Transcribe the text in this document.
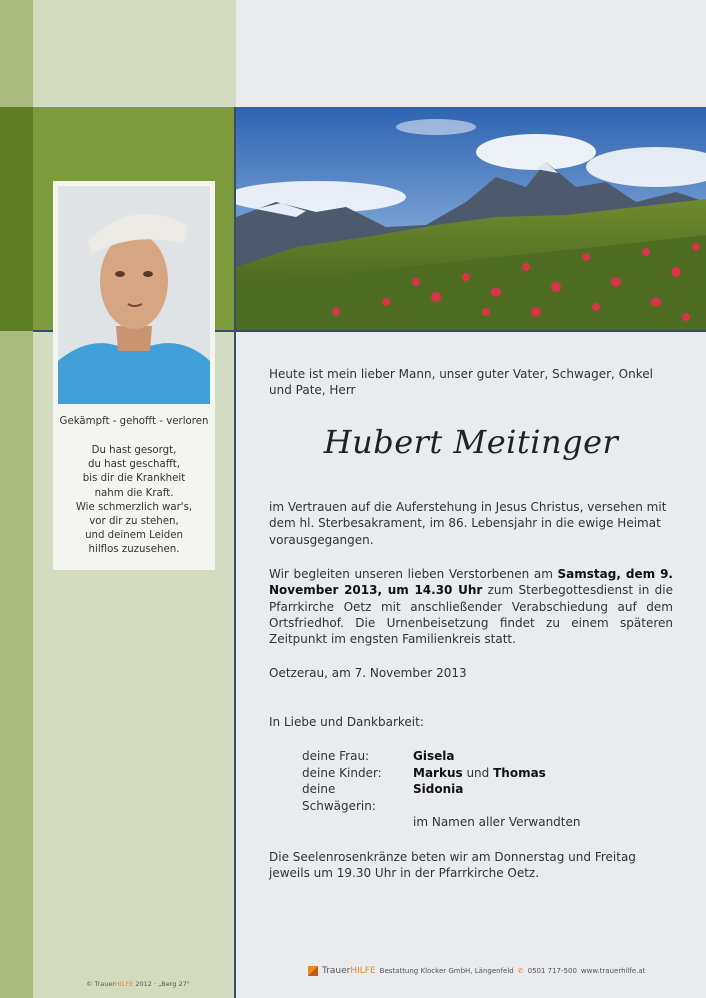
Gekämpft - gehofft - verloren
Du hast gesorgt,
du hast geschafft,
bis dir die Krankheit
nahm die Kraft.
Wie schmerzlich war's,
vor dir zu stehen,
und deinem Leiden
hilflos zuzusehen.
Heute ist mein lieber Mann, unser guter Vater, Schwager, Onkel und Pate, Herr
Hubert Meitinger
im Vertrauen auf die Auferstehung in Jesus Christus, versehen mit dem hl. Sterbesakrament, im 86. Lebensjahr in die ewige Heimat vorausgegangen.
Wir begleiten unseren lieben Verstorbenen am Samstag, dem 9. November 2013, um 14.30 Uhr zum Sterbegottesdienst in die Pfarrkirche Oetz mit anschließender Verabschiedung auf dem Ortsfriedhof. Die Urnenbeisetzung findet zu einem späteren Zeitpunkt im engsten Familienkreis statt.
Oetzerau, am 7. November 2013
In Liebe und Dankbarkeit:
deine Frau:	Gisela
deine Kinder:	Markus und Thomas
deine Schwägerin:
Sidonia
im Namen aller Verwandten
Die Seelenrosenkränze beten wir am Donnerstag und Freitag jeweils um 19.30 Uhr in der Pfarrkirche Oetz.
© TrauerHILFE 2012 · „Berg 27"
TrauerHILFE Bestattung Klocker GmbH, Längenfeld ✆ 0501 717-500 www.trauerhilfe.at
